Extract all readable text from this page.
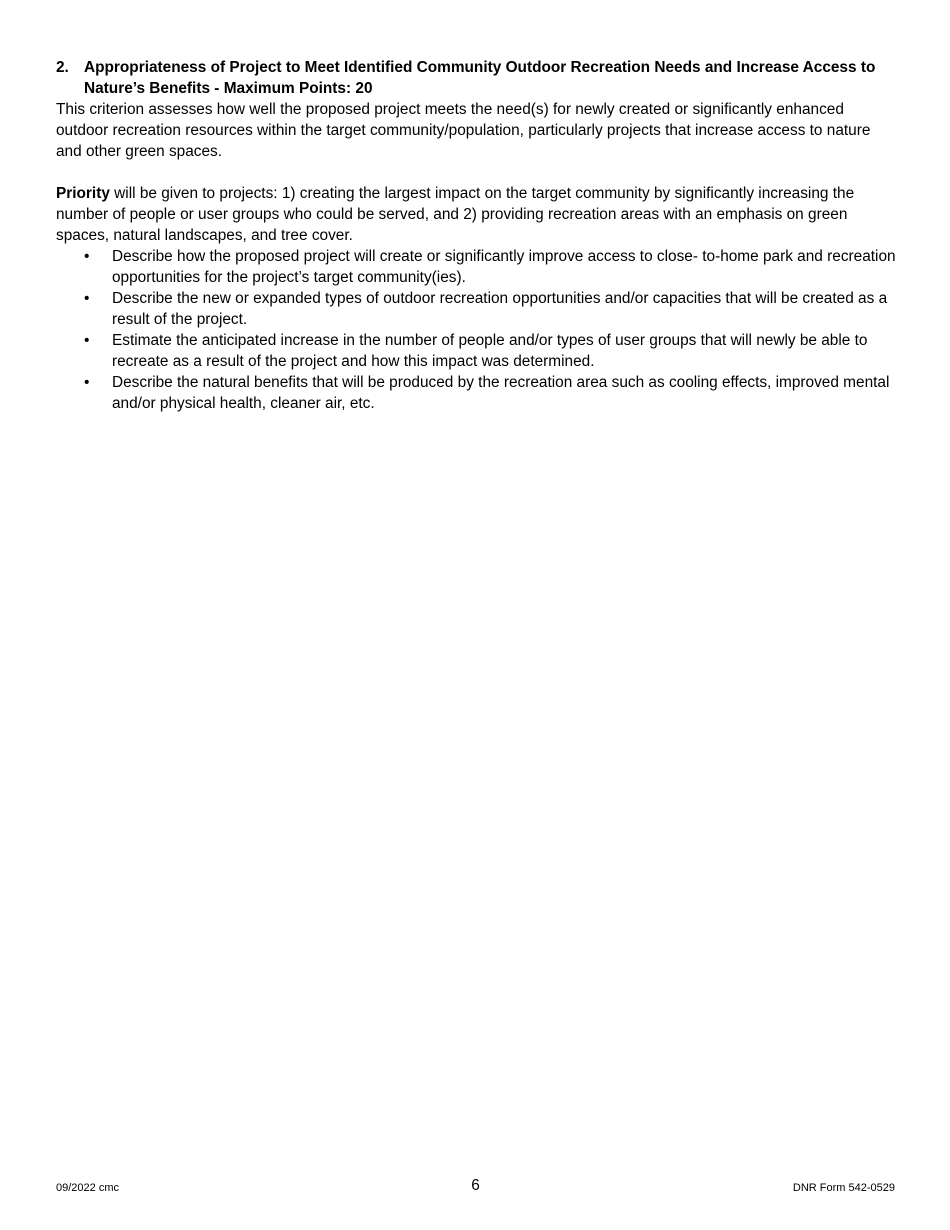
2. Appropriateness of Project to Meet Identified Community Outdoor Recreation Needs and Increase Access to Nature’s Benefits - Maximum Points: 20

This criterion assesses how well the proposed project meets the need(s) for newly created or significantly enhanced outdoor recreation resources within the target community/population, particularly projects that increase access to nature and other green spaces.

Priority will be given to projects: 1) creating the largest impact on the target community by significantly increasing the number of people or user groups who could be served, and 2) providing recreation areas with an emphasis on green spaces, natural landscapes, and tree cover.

•	Describe how the proposed project will create or significantly improve access to close- to-home park and recreation opportunities for the project’s target community(ies).
•	Describe the new or expanded types of outdoor recreation opportunities and/or capacities that will be created as a result of the project.
•	Estimate the anticipated increase in the number of people and/or types of user groups that will newly be able to recreate as a result of the project and how this impact was determined.
•	Describe the natural benefits that will be produced by the recreation area such as cooling effects, improved mental and/or physical health, cleaner air, etc.
09/2022 cmc	6	DNR Form 542-0529
